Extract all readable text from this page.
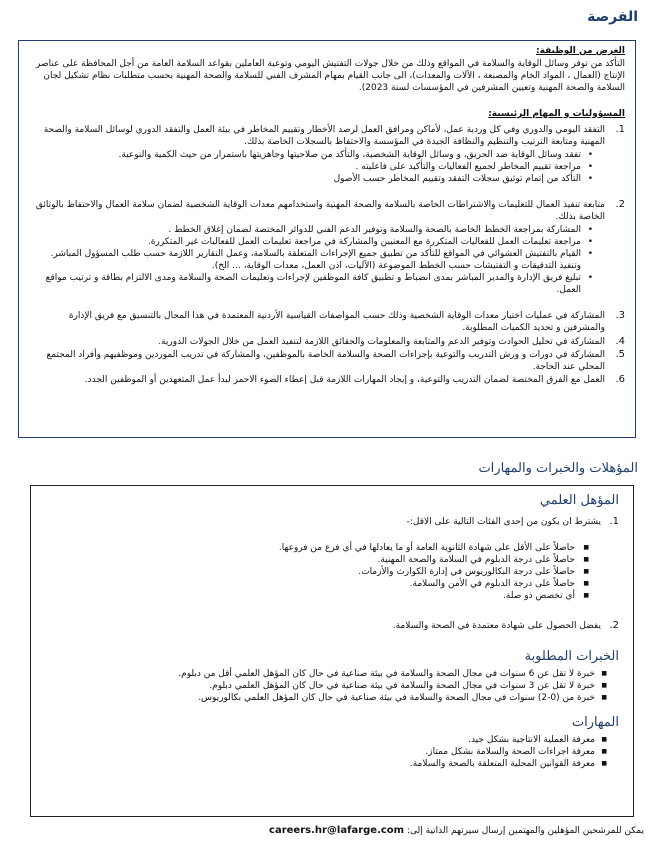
الفرصة

الغرض من الوظيفة:

التأكد من توفر وسائل الوقاية والسلامة في المواقع وذلك من خلال جولات التفتيش اليومي وتوعية العاملين بقواعد السلامة العامة من أجل المحافظة على عناصر الإنتاج (العمال ، المواد الخام والمصنعة ، الآلات والمعدات)، الى جانب القيام بمهام المشرف الفني للسلامة والصحة المهنية بحسب متطلبات نظام تشكيل لجان السلامة والصحة المهنية وتعيين المشرفين في المؤسسات لسنة 2023).

المسؤوليات و المهام الرئيسية:

1.
التفقد اليومي والدوري وفي كل وردية عمل، لأماكن ومرافق العمل لرصد الأخطار وتقييم المخاطر في بيئة العمل والتفقد الدوري لوسائل السلامة والصحة المهنية ومتابعة الترتيب والتنظيم والنظافة الجيدة في المؤسسة والاحتفاظ بالسجلات الخاصة بذلك.
• تفقد وسائل الوقاية ضد الحريق، و وسائل الوقاية الشخصية، والتأكد من صلاحيتها وجاهزيتها باستمرار من حيث الكمية والنوعية.
• مراجعة تقييم المخاطر لجميع الفعاليات والتأكيد على فاعليته .
• التأكد من إتمام توثيق سجلات التفقد وتقييم المخاطر حسب الأصول
2.
متابعة تنفيذ العمال للتعليمات والاشتراطات الخاصة بالسلامة والصحة المهنية واستخدامهم معدات الوقاية الشخصية لضمان سلامة العمال والاحتفاظ بالوثائق الخاصة بذلك.
• المشاركة بمراجعة الخطط الخاصة بالصحة والسلامة وتوفير الدعم الفني للدوائر المختصة لضمان إغلاق الخطط .
• مراجعة تعليمات العمل للفعاليات المتكررة مع المعنيين والمشاركة في مراجعة تعليمات العمل للفعاليات غير المتكررة.
• القيام بالتفتيش العشوائي في المواقع للتأكد من تطبيق جميع الإجراءات المتعلقة بالسلامة، وعمل التقارير اللازمة حسب طلب المسؤول المباشر. وتنفيذ التدقيقات و التفتيشات حسب الخطط الموضوعة (الآليات، اذن العمل، معدات الوقاية، ... الخ).
• تبليغ فريق الإدارة والمدير المباشر بمدى انضباط و تطبيق كافة الموظفين لإجراءات وتعليمات الصحة والسلامة ومدى الالتزام بطاقة و ترتيب مواقع العمل.
3.
المشاركة في عمليات اختيار معدات الوقاية الشخصية وذلك حسب المواصفات القياسية الأردنية المعتمدة في هذا المجال بالتنسيق مع فريق الإدارة والمشرفين و تحديد الكميات المطلوبة.
4.
المشاركة في تحليل الحوادث وتوفير الدعم والمتابعة والمعلومات والحقائق اللازمة لتنفيذ العمل من خلال الجولات الدورية.
5.
المشاركة في دورات و ورش التدريب والتوعية بإجراءات الصحة والسلامة الخاصة بالموظفين، والمشاركة في تدريب الموردين وموظفيهم وأفراد المجتمع المحلي عند الحاجة.
6.
العمل مع الفرق المختصة لضمان التدريب والتوعية، و إيجاد المهارات اللازمة قبل إعطاء الضوء الاحمر لبدأ عمل المتعهدين أو الموظفين الجدد.
المؤهلات والخبرات والمهارات

المؤهل العلمي

1.
يشترط ان يكون من إحدى الفئات التالية على الاقل:-
■ حاصلاً على الأقل على شهادة الثانوية العامة أو ما يعادلها في أي فرع من فروعها.
■ حاصلاً على درجة الدبلوم في السلامة والصحة المهنية.
■ حاصلاً على درجة البكالوريوس في إدارة الكوارث والأزمات.
■ حاصلاً على درجة الدبلوم في الأمن والسلامة.
■ أي تخصص ذو صلة.
2.
يفضل الحصول على شهادة معتمدة في الصحة والسلامة.

الخبرات المطلوبة

■ خبرة لا تقل عن 6 سنوات في مجال الصحة والسلامة في بيئة صناعية في حال كان المؤهل العلمي أقل من دبلوم.
■ خبرة لا تقل عن 3 سنوات في مجال الصحة والسلامة في بيئة صناعية في حال كان المؤهل العلمي دبلوم.
■ خبرة من (0-2) سنوات في مجال الصحة والسلامة في بيئة صناعية في حال كان المؤهل العلمي بكالوريوس.

المهارات

■ معرفة العملية الانتاجية بشكل جيد.
■ معرفة اجراءات الصحة والسلامة بشكل ممتاز.
■ معرفة القوانين المحلية المتعلقة بالصحة والسلامة.
يمكن للمرشحين المؤهلين والمهتمين إرسال سيرتهم الذاتية إلى: careers.hr@lafarge.com
